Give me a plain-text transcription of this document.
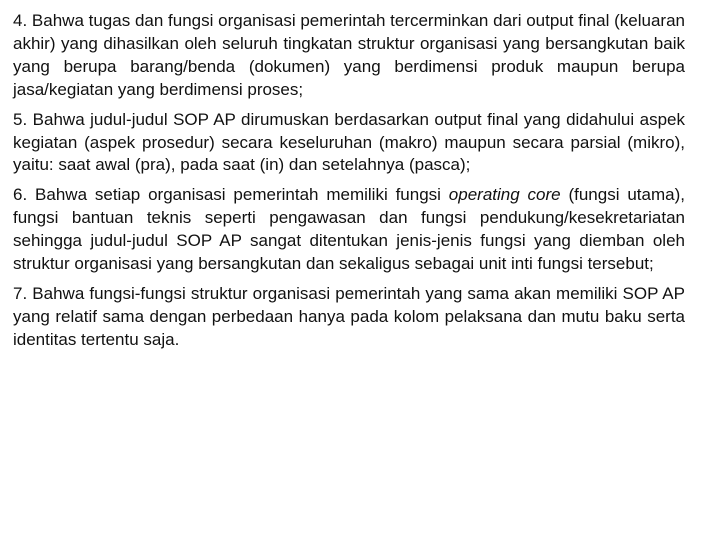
4. Bahwa tugas dan fungsi organisasi pemerintah tercerminkan dari output final (keluaran akhir) yang dihasilkan oleh seluruh tingkatan struktur organisasi yang bersangkutan baik yang berupa barang/benda (dokumen) yang berdimensi produk maupun berupa jasa/kegiatan yang berdimensi proses;

5. Bahwa judul-judul SOP AP dirumuskan berdasarkan output final yang didahului aspek kegiatan (aspek prosedur) secara keseluruhan (makro) maupun secara parsial (mikro), yaitu: saat awal (pra), pada saat (in) dan setelahnya (pasca);

6. Bahwa setiap organisasi pemerintah memiliki fungsi operating core (fungsi utama), fungsi bantuan teknis seperti pengawasan dan fungsi pendukung/kesekretariatan sehingga judul-judul SOP AP sangat ditentukan jenis-jenis fungsi yang diemban oleh struktur organisasi yang bersangkutan dan sekaligus sebagai unit inti fungsi tersebut;

7. Bahwa fungsi-fungsi struktur organisasi pemerintah yang sama akan memiliki SOP AP yang relatif sama dengan perbedaan hanya pada kolom pelaksana dan mutu baku serta identitas tertentu saja.
